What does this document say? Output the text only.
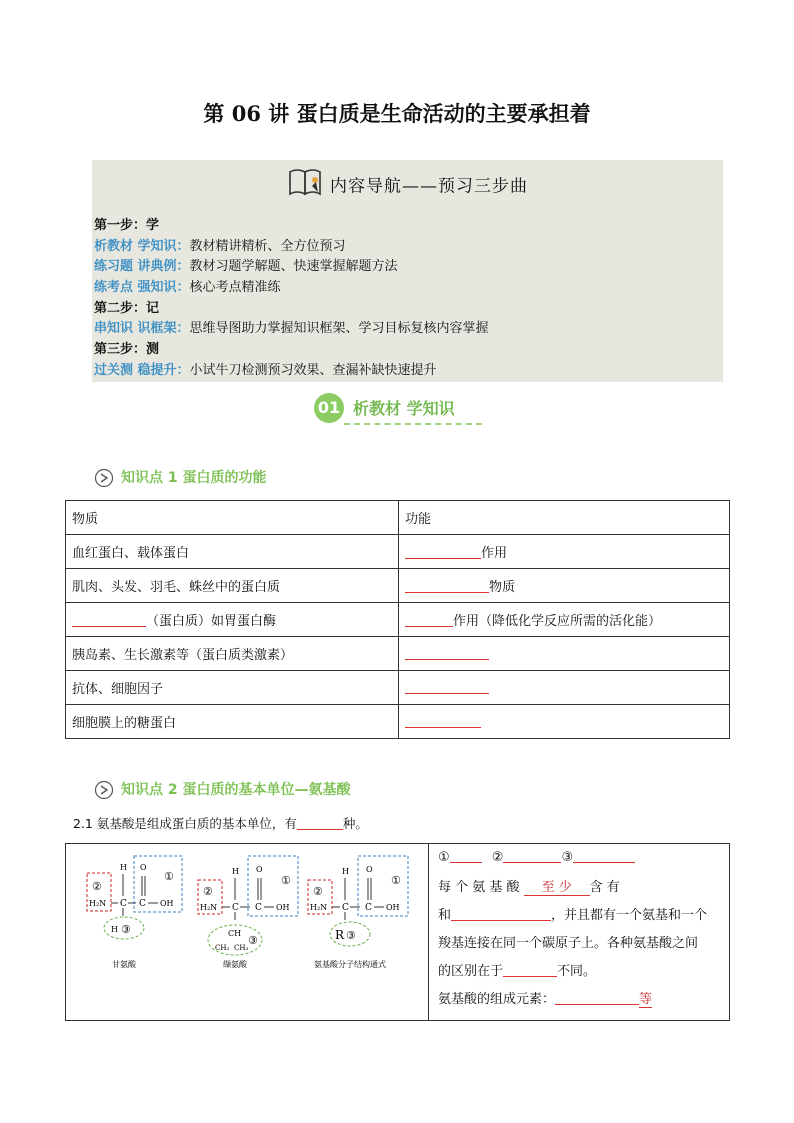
第 06 讲 蛋白质是生命活动的主要承担着
内容导航——预习三步曲
第一步：学
析教材 学知识：教材精讲精析、全方位预习
练习题 讲典例：教材习题学解题、快速掌握解题方法
练考点 强知识：核心考点精准练
第二步：记
串知识 识框架：思维导图助力掌握知识框架、学习目标复核内容掌握
第三步：测
过关测 稳提升：小试牛刀检测预习效果、查漏补缺快速提升
01 析教材 学知识
知识点 1 蛋白质的功能
物质	功能
血红蛋白、载体蛋白	作用
肌肉、头发、羽毛、蛛丝中的蛋白质	物质
（蛋白质）如胃蛋白酶	作用（降低化学反应所需的活化能）
胰岛素、生长激素等（蛋白质类激素）	
抗体、细胞因子	
细胞膜上的糖蛋白	
知识点 2 蛋白质的基本单位—氨基酸
2.1 氨基酸是组成蛋白质的基本单位，有	种。
②
H₂N C
H O
C OH
①
H ③
甘氨酸
②
H₂N C
H O
C OH
①
CH
CH₃ CH₃
③
缬氨酸
②
H₂N C
H O
C OH
①
R ③
氨基酸分子结构通式
①	②	③
每 个 氨 基 酸 至 少 含 有
和	，并且都有一个氨基和一个
羧基连接在同一个碳原子上。各种氨基酸之间
的区别在于	不同。
氨基酸的组成元素：	等
